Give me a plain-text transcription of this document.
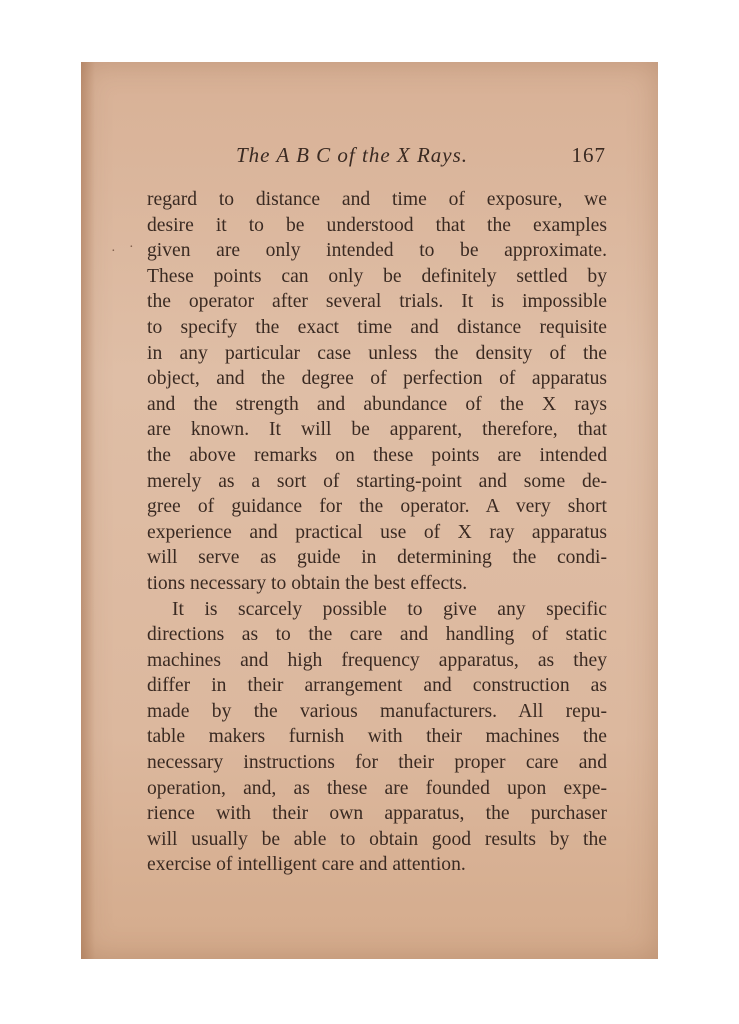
The A B C of the X Rays.	167
· ·
regard to distance and time of exposure, we
desire it to be understood that the examples
given are only intended to be approximate.
These points can only be definitely settled by
the operator after several trials. It is impossible
to specify the exact time and distance requisite
in any particular case unless the density of the
object, and the degree of perfection of apparatus
and the strength and abundance of the X rays
are known. It will be apparent, therefore, that
the above remarks on these points are intended
merely as a sort of starting-point and some de-
gree of guidance for the operator. A very short
experience and practical use of X ray apparatus
will serve as guide in determining the condi-
tions necessary to obtain the best effects.
It is scarcely possible to give any specific
directions as to the care and handling of static
machines and high frequency apparatus, as they
differ in their arrangement and construction as
made by the various manufacturers. All repu-
table makers furnish with their machines the
necessary instructions for their proper care and
operation, and, as these are founded upon expe-
rience with their own apparatus, the purchaser
will usually be able to obtain good results by the
exercise of intelligent care and attention.
